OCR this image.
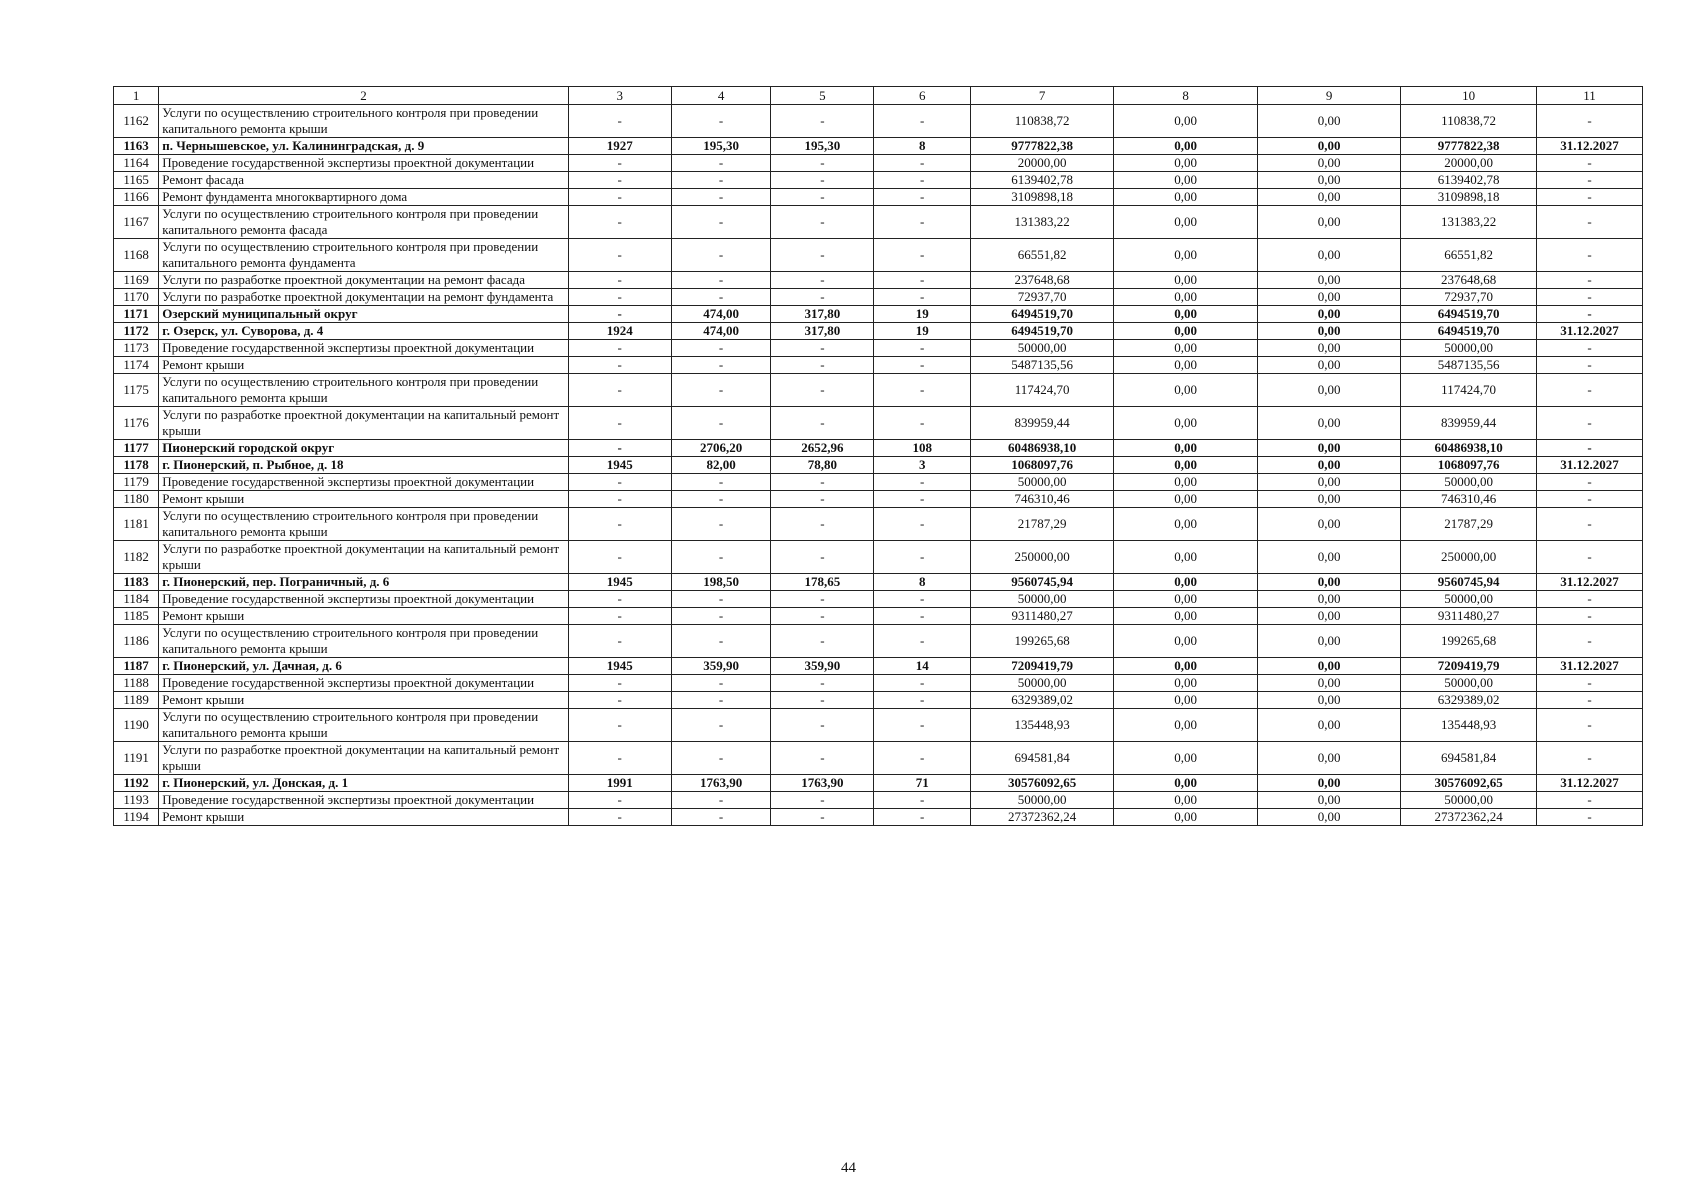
1	2	3	4	5	6	7	8	9	10	11
1162	Услуги по осуществлению строительного контроля при проведении капитального ремонта крыши	-	-	-	-	110838,72	0,00	0,00	110838,72	-
1163	п. Чернышевское, ул. Калининградская, д. 9	1927	195,30	195,30	8	9777822,38	0,00	0,00	9777822,38	31.12.2027
1164	Проведение государственной экспертизы проектной документации	-	-	-	-	20000,00	0,00	0,00	20000,00	-
1165	Ремонт фасада	-	-	-	-	6139402,78	0,00	0,00	6139402,78	-
1166	Ремонт фундамента многоквартирного дома	-	-	-	-	3109898,18	0,00	0,00	3109898,18	-
1167	Услуги по осуществлению строительного контроля при проведении капитального ремонта фасада	-	-	-	-	131383,22	0,00	0,00	131383,22	-
1168	Услуги по осуществлению строительного контроля при проведении капитального ремонта фундамента	-	-	-	-	66551,82	0,00	0,00	66551,82	-
1169	Услуги по разработке проектной документации на ремонт фасада	-	-	-	-	237648,68	0,00	0,00	237648,68	-
1170	Услуги по разработке проектной документации на ремонт фундамента	-	-	-	-	72937,70	0,00	0,00	72937,70	-
1171	Озерский муниципальный округ	-	474,00	317,80	19	6494519,70	0,00	0,00	6494519,70	-
1172	г. Озерск, ул. Суворова, д. 4	1924	474,00	317,80	19	6494519,70	0,00	0,00	6494519,70	31.12.2027
1173	Проведение государственной экспертизы проектной документации	-	-	-	-	50000,00	0,00	0,00	50000,00	-
1174	Ремонт крыши	-	-	-	-	5487135,56	0,00	0,00	5487135,56	-
1175	Услуги по осуществлению строительного контроля при проведении капитального ремонта крыши	-	-	-	-	117424,70	0,00	0,00	117424,70	-
1176	Услуги по разработке проектной документации на капитальный ремонт крыши	-	-	-	-	839959,44	0,00	0,00	839959,44	-
1177	Пионерский городской округ	-	2706,20	2652,96	108	60486938,10	0,00	0,00	60486938,10	-
1178	г. Пионерский, п. Рыбное, д. 18	1945	82,00	78,80	3	1068097,76	0,00	0,00	1068097,76	31.12.2027
1179	Проведение государственной экспертизы проектной документации	-	-	-	-	50000,00	0,00	0,00	50000,00	-
1180	Ремонт крыши	-	-	-	-	746310,46	0,00	0,00	746310,46	-
1181	Услуги по осуществлению строительного контроля при проведении капитального ремонта крыши	-	-	-	-	21787,29	0,00	0,00	21787,29	-
1182	Услуги по разработке проектной документации на капитальный ремонт крыши	-	-	-	-	250000,00	0,00	0,00	250000,00	-
1183	г. Пионерский, пер. Пограничный, д. 6	1945	198,50	178,65	8	9560745,94	0,00	0,00	9560745,94	31.12.2027
1184	Проведение государственной экспертизы проектной документации	-	-	-	-	50000,00	0,00	0,00	50000,00	-
1185	Ремонт крыши	-	-	-	-	9311480,27	0,00	0,00	9311480,27	-
1186	Услуги по осуществлению строительного контроля при проведении капитального ремонта крыши	-	-	-	-	199265,68	0,00	0,00	199265,68	-
1187	г. Пионерский, ул. Дачная, д. 6	1945	359,90	359,90	14	7209419,79	0,00	0,00	7209419,79	31.12.2027
1188	Проведение государственной экспертизы проектной документации	-	-	-	-	50000,00	0,00	0,00	50000,00	-
1189	Ремонт крыши	-	-	-	-	6329389,02	0,00	0,00	6329389,02	-
1190	Услуги по осуществлению строительного контроля при проведении капитального ремонта крыши	-	-	-	-	135448,93	0,00	0,00	135448,93	-
1191	Услуги по разработке проектной документации на капитальный ремонт крыши	-	-	-	-	694581,84	0,00	0,00	694581,84	-
1192	г. Пионерский, ул. Донская, д. 1	1991	1763,90	1763,90	71	30576092,65	0,00	0,00	30576092,65	31.12.2027
1193	Проведение государственной экспертизы проектной документации	-	-	-	-	50000,00	0,00	0,00	50000,00	-
1194	Ремонт крыши	-	-	-	-	27372362,24	0,00	0,00	27372362,24	-
44
